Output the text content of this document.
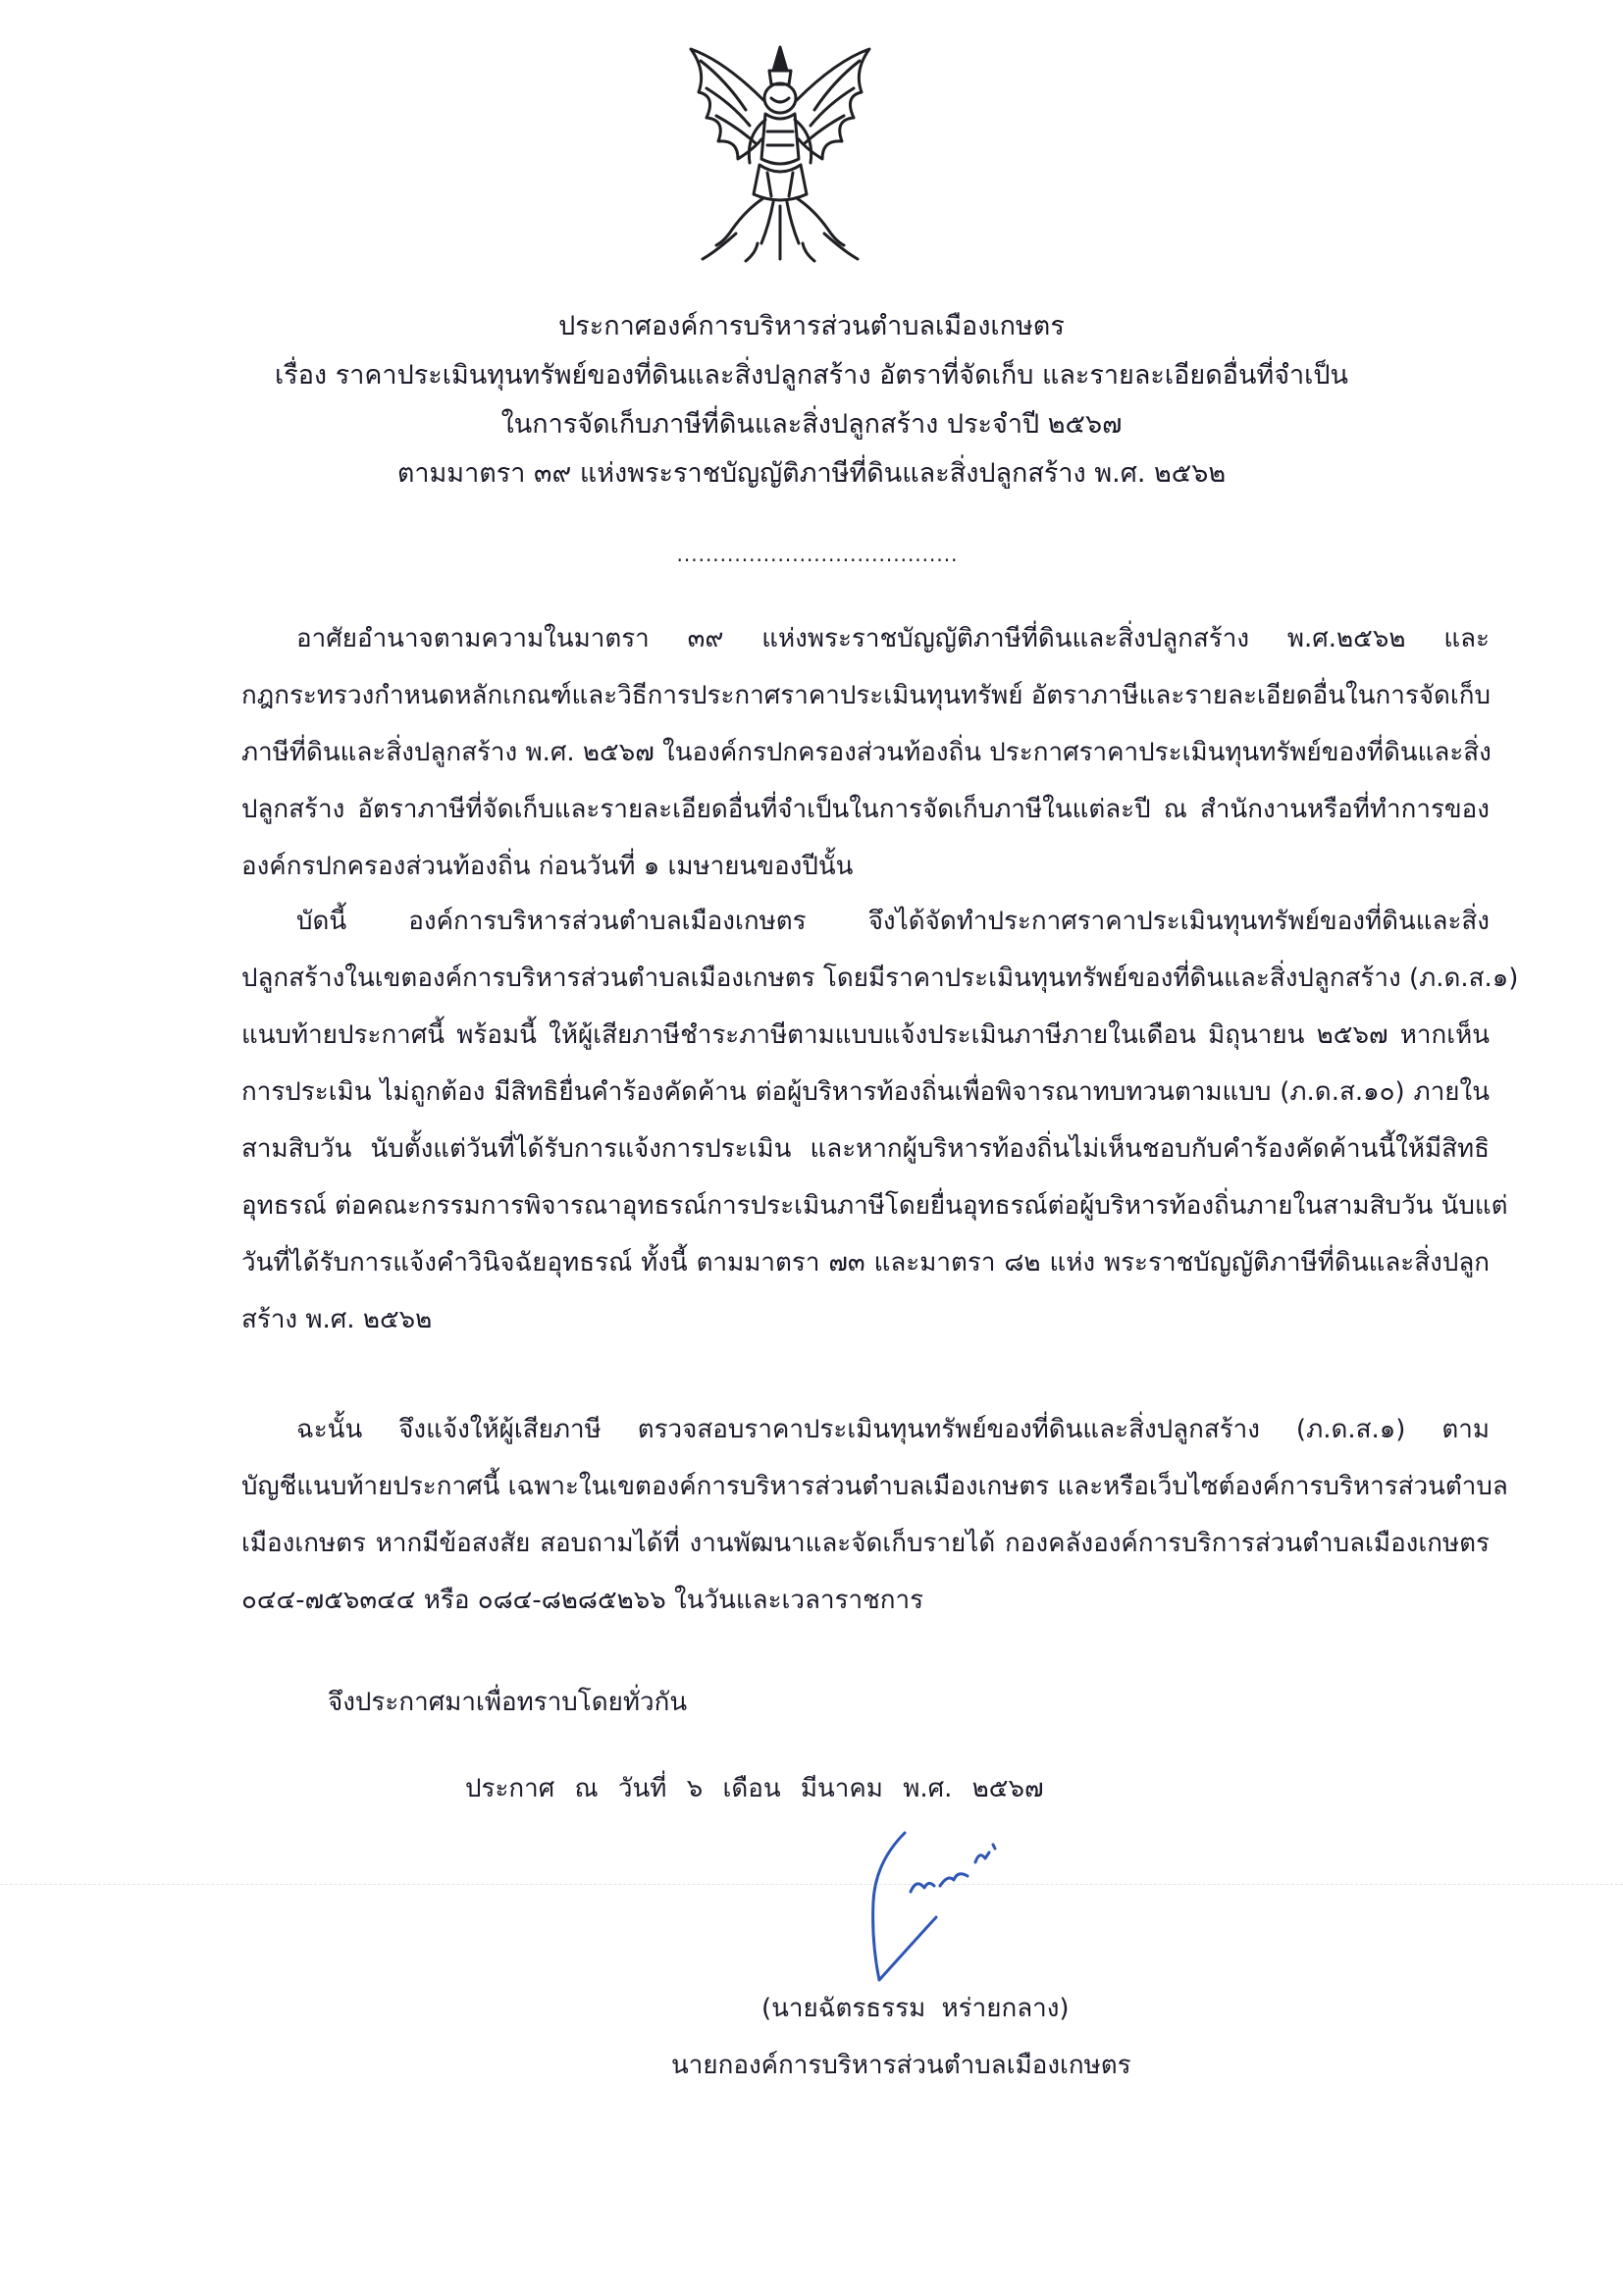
ประกาศองค์การบริหารส่วนตำบลเมืองเกษตร
เรื่อง ราคาประเมินทุนทรัพย์ของที่ดินและสิ่งปลูกสร้าง อัตราที่จัดเก็บ และรายละเอียดอื่นที่จำเป็น
ในการจัดเก็บภาษีที่ดินและสิ่งปลูกสร้าง ประจำปี ๒๕๖๗
ตามมาตรา ๓๙ แห่งพระราชบัญญัติภาษีที่ดินและสิ่งปลูกสร้าง พ.ศ. ๒๕๖๒
.......................................

อาศัยอำนาจตามความในมาตรา ๓๙ แห่งพระราชบัญญัติภาษีที่ดินและสิ่งปลูกสร้าง พ.ศ.๒๕๖๒ และ

กฎกระทรวงกำหนดหลักเกณฑ์และวิธีการประกาศราคาประเมินทุนทรัพย์ อัตราภาษีและรายละเอียดอื่นในการจัดเก็บ

ภาษีที่ดินและสิ่งปลูกสร้าง พ.ศ. ๒๕๖๗ ในองค์กรปกครองส่วนท้องถิ่น ประกาศราคาประเมินทุนทรัพย์ของที่ดินและสิ่ง

ปลูกสร้าง อัตราภาษีที่จัดเก็บและรายละเอียดอื่นที่จำเป็นในการจัดเก็บภาษีในแต่ละปี ณ สำนักงานหรือที่ทำการของ

องค์กรปกครองส่วนท้องถิ่น ก่อนวันที่ ๑ เมษายนของปีนั้น

บัดนี้ องค์การบริหารส่วนตำบลเมืองเกษตร จึงได้จัดทำประกาศราคาประเมินทุนทรัพย์ของที่ดินและสิ่ง

ปลูกสร้างในเขตองค์การบริหารส่วนตำบลเมืองเกษตร โดยมีราคาประเมินทุนทรัพย์ของที่ดินและสิ่งปลูกสร้าง (ภ.ด.ส.๑)

แนบท้ายประกาศนี้ พร้อมนี้ ให้ผู้เสียภาษีชำระภาษีตามแบบแจ้งประเมินภาษีภายในเดือน มิถุนายน ๒๕๖๗ หากเห็น

การประเมิน ไม่ถูกต้อง มีสิทธิยื่นคำร้องคัดค้าน ต่อผู้บริหารท้องถิ่นเพื่อพิจารณาทบทวนตามแบบ (ภ.ด.ส.๑๐) ภายใน

สามสิบวัน นับตั้งแต่วันที่ได้รับการแจ้งการประเมิน และหากผู้บริหารท้องถิ่นไม่เห็นชอบกับคำร้องคัดค้านนี้ให้มีสิทธิ

อุทธรณ์ ต่อคณะกรรมการพิจารณาอุทธรณ์การประเมินภาษีโดยยื่นอุทธรณ์ต่อผู้บริหารท้องถิ่นภายในสามสิบวัน นับแต่

วันที่ได้รับการแจ้งคำวินิจฉัยอุทธรณ์ ทั้งนี้ ตามมาตรา ๗๓ และมาตรา ๘๒ แห่ง พระราชบัญญัติภาษีที่ดินและสิ่งปลูก

สร้าง พ.ศ. ๒๕๖๒

ฉะนั้น จึงแจ้งให้ผู้เสียภาษี ตรวจสอบราคาประเมินทุนทรัพย์ของที่ดินและสิ่งปลูกสร้าง (ภ.ด.ส.๑) ตาม

บัญชีแนบท้ายประกาศนี้ เฉพาะในเขตองค์การบริหารส่วนตำบลเมืองเกษตร และหรือเว็บไซต์องค์การบริหารส่วนตำบล

เมืองเกษตร หากมีข้อสงสัย สอบถามได้ที่ งานพัฒนาและจัดเก็บรายได้ กองคลังองค์การบริการส่วนตำบลเมืองเกษตร

๐๔๔-๗๕๖๓๔๔ หรือ ๐๘๔-๘๒๘๕๒๖๖ ในวันและเวลาราชการ

จึงประกาศมาเพื่อทราบโดยทั่วกัน
ประกาศ ณ วันที่ ๖ เดือน มีนาคม พ.ศ. ๒๕๖๗
(นายฉัตรธรรม หร่ายกลาง)
นายกองค์การบริหารส่วนตำบลเมืองเกษตร
